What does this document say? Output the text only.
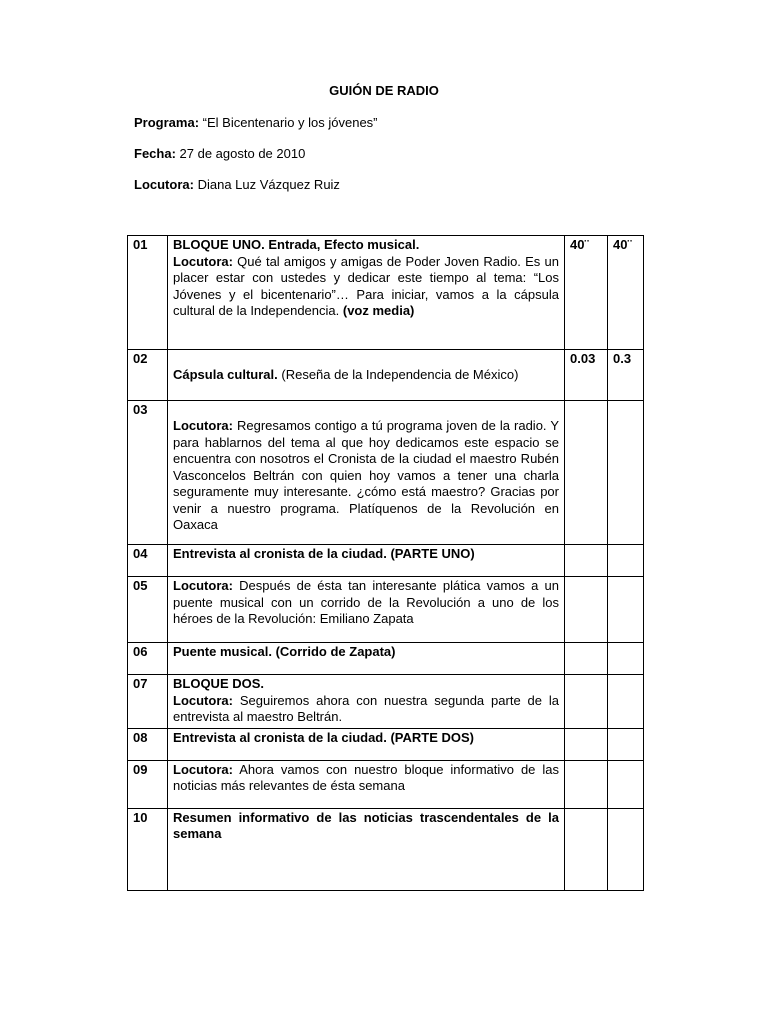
GUIÓN DE RADIO
Programa: “El Bicentenario y los jóvenes”
Fecha: 27 de agosto de 2010
Locutora: Diana Luz Vázquez Ruiz
01	BLOQUE UNO. Entrada, Efecto musical.
Locutora: Qué tal amigos y amigas de Poder Joven Radio. Es un placer estar con ustedes y dedicar este tiempo al tema: “Los Jóvenes y el bicentenario”… Para iniciar, vamos a la cápsula cultural de la Independencia. (voz media)	40¨	40¨
02	Cápsula cultural. (Reseña de la Independencia de México)	0.03	0.3
03	Locutora: Regresamos contigo a tú programa joven de la radio. Y para hablarnos del tema al que hoy dedicamos este espacio se encuentra con nosotros el Cronista de la ciudad el maestro Rubén Vasconcelos Beltrán con quien hoy vamos a tener una charla seguramente muy interesante. ¿cómo está maestro? Gracias por venir a nuestro programa. Platíquenos de la Revolución en Oaxaca		
04	Entrevista al cronista de la ciudad. (PARTE UNO)		
05	Locutora: Después de ésta tan interesante plática vamos a un puente musical con un corrido de la Revolución a uno de los héroes de la Revolución: Emiliano Zapata		
06	Puente musical. (Corrido de Zapata)		
07	BLOQUE DOS.
Locutora: Seguiremos ahora con nuestra segunda parte de la entrevista al maestro Beltrán.		
08	Entrevista al cronista de la ciudad. (PARTE DOS)		
09	Locutora: Ahora vamos con nuestro bloque informativo de las noticias más relevantes de ésta semana		
10	Resumen informativo de las noticias trascendentales de la semana		
